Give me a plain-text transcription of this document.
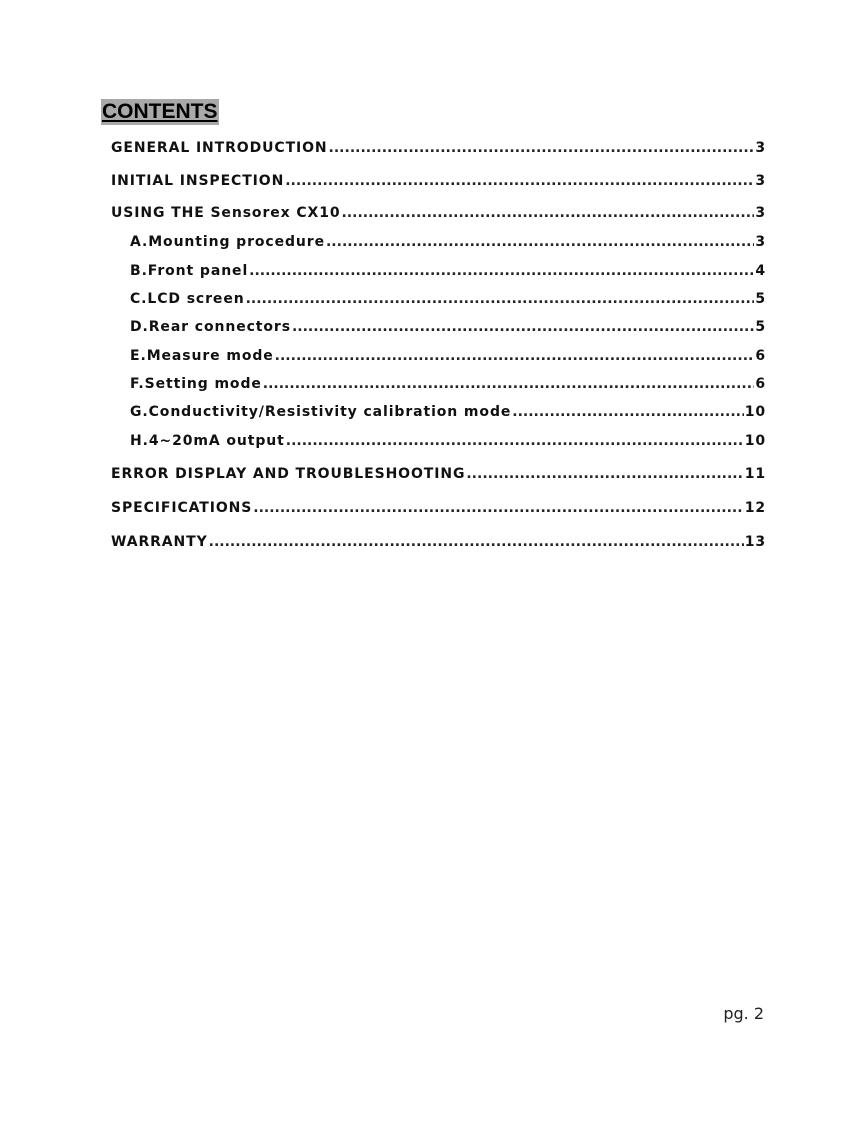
CONTENTS
GENERAL INTRODUCTION .....	3
INITIAL INSPECTION .....	3
USING THE Sensorex CX10 .....	3
A. Mounting procedure .....	3
B. Front panel .....	4
C. LCD screen .....	5
D. Rear connectors .....	5
E. Measure mode .....	6
F. Setting mode .....	6
G. Conductivity/Resistivity calibration mode .....	10
H. 4~20mA output .....	10
ERROR DISPLAY AND TROUBLESHOOTING .....	11
SPECIFICATIONS .....	12
WARRANTY .....	13
pg. 2
